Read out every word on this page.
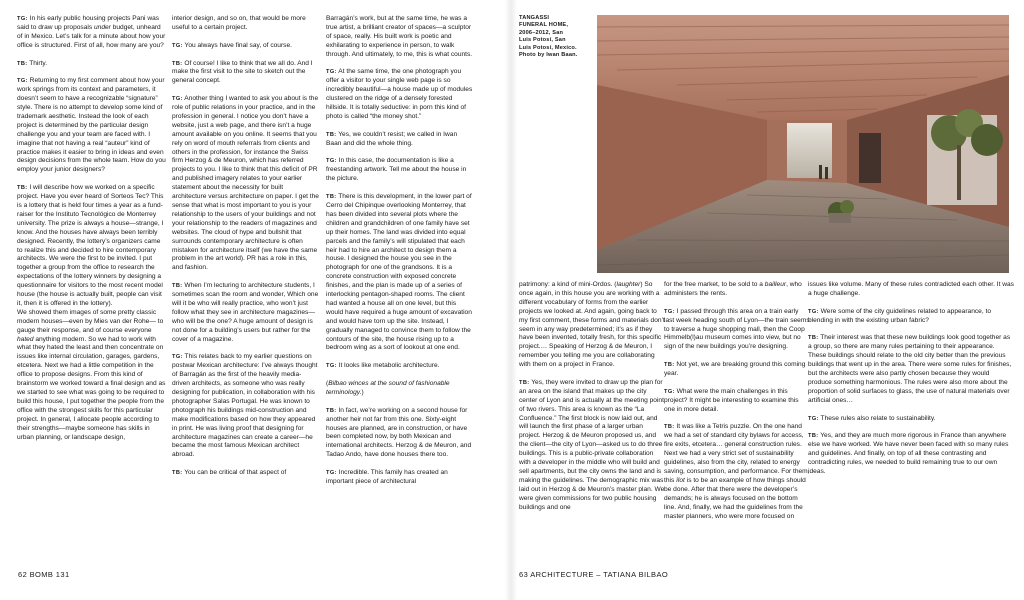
TG: In his early public housing projects Pani was said to draw up proposals under budget, unheard of in Mexico. Let’s talk for a minute about how your office is structured. First of all, how many are you?

TB: Thirty.

TG: Returning to my first comment about how your work springs from its context and parameters, it doesn’t seem to have a recognizable “signature” style. There is no attempt to develop some kind of trademark aesthetic. Instead the look of each project is determined by the particular design challenge you and your team are faced with. I imagine that not having a real “auteur” kind of practice makes it easier to bring in ideas and even design decisions from the whole team. How do you employ your junior designers?

TB: I will describe how we worked on a specific project. Have you ever heard of Sorteos Tec? This is a lottery that is held four times a year as a fund-raiser for the Instituto Tecnológico de Monterrey university. The prize is always a house—strange, I know. And the houses have always been terribly designed. Recently, the lottery’s organizers came to realize this and decided to hire contemporary architects. We were the first to be invited. I put together a group from the office to research the expectations of the lottery winners by designing a questionnaire for visitors to the most recent model house (the house is actually built, people can visit it, then it is offered in the lottery).
We showed them images of some pretty classic modern houses—even by Mies van der Rohe— to gauge their response, and of course everyone hated anything modern. So we had to work with what they hated the least and then concentrate on issues like internal circulation, garages, gardens, etcetera. Next we had a little competition in the office to propose designs. From this kind of brainstorm we worked toward a final design and as we started to see what was going to be required to build this house, I put together the people from the office with the strongest skills for this particular project. In general, I allocate people according to their strengths—maybe someone has skills in urban planning, or landscape design,

interior design, and so on, that would be more useful to a certain project.

TG: You always have final say, of course.

TB: Of course! I like to think that we all do. And I make the first visit to the site to sketch out the general concept.

TG: Another thing I wanted to ask you about is the role of public relations in your practice, and in the profession in general. I notice you don’t have a website, just a web page, and there isn’t a huge amount available on you online. It seems that you rely on word of mouth referrals from clients and others in the profession, for instance the Swiss firm Herzog & de Meuron, which has referred projects to you. I like to think that this deficit of PR and published imagery relates to your earlier statement about the necessity for built architecture versus architecture on paper. I get the sense that what is most important to you is your relationship to the users of your buildings and not your relationship to the readers of magazines and websites. The cloud of hype and bullshit that surrounds contemporary architecture is often mistaken for architecture itself (we have the same problem in the art world). PR has a role in this, and fashion.

TB: When I’m lecturing to architecture students, I sometimes scan the room and wonder, Which one will it be who will really practice, who won’t just follow what they see in architecture magazines—who will be the one? A huge amount of design is not done for a building’s users but rather for the cover of a magazine.

TG: This relates back to my earlier questions on postwar Mexican architecture: I’ve always thought of Barragán as the first of the heavily media-driven architects, as someone who was really designing for publication, in collaboration with his photographer Salas Portugal. He was known to photograph his buildings mid-construction and make modifications based on how they appeared in print. He was living proof that designing for architecture magazines can create a career—he became the most famous Mexican architect abroad.

TB: You can be critical of that aspect of

Barragán’s work, but at the same time, he was a true artist, a brilliant creator of spaces—a sculptor of space, really. His built work is poetic and exhilarating to experience in person, to walk through. And ultimately, to me, this is what counts.

TG: At the same time, the one photograph you offer a visitor to your single web page is so incredibly beautiful—a house made up of modules clustered on the ridge of a densely forested hillside. It is totally seductive: in porn this kind of photo is called “the money shot.”

TB: Yes, we couldn’t resist; we called in Iwan Baan and did the whole thing.

TG: In this case, the documentation is like a freestanding artwork. Tell me about the house in the picture.

TB: There is this development, in the lower part of Cerro del Chipinque overlooking Monterrey, that has been divided into several plots where the children and grandchildren of one family have set up their homes. The land was divided into equal parcels and the family’s will stipulated that each heir had to hire an architect to design them a house. I designed the house you see in the photograph for one of the grandsons. It is a concrete construction with exposed concrete finishes, and the plan is made up of a series of interlocking pentagon-shaped rooms. The client had wanted a house all on one level, but this would have required a huge amount of excavation and would have torn up the site. Instead, I gradually managed to convince them to follow the contours of the site, the house rising up to a bedroom wing as a sort of lookout at one end.

TG: It looks like metabolic architecture.

(Bilbao winces at the sound of fashionable terminology.)

TB: In fact, we’re working on a second house for another heir not far from this one. Sixty-eight houses are planned, are in construction, or have been completed now, by both Mexican and international architects. Herzog & de Meuron, and Tadao Ando, have done houses there too.

TG: Incredible. This family has created an important piece of architectural

62 BOMB 131
TANGASSI
FUNERAL HOME,
2006–2012, San
Luis Potosí, San
Luis Potosí, Mexico.
Photo by Iwan Baan.

patrimony: a kind of mini-Ordos. (laughter) So once again, in this house you are working with a different vocabulary of forms from the earlier projects we looked at. And again, going back to my first comment, these forms and materials don’t seem in any way predetermined; it’s as if they have been invented, totally fresh, for this specific project.… Speaking of Herzog & de Meuron, I remember you telling me you are collaborating with them on a project in France.

TB: Yes, they were invited to draw up the plan for an area on the island that makes up the city center of Lyon and is actually at the meeting point of two rivers. This area is known as the “La Confluence.” The first block is now laid out, and will launch the first phase of a larger urban project. Herzog & de Meuron proposed us, and the client—the city of Lyon—asked us to do three buildings. This is a public-private collaboration with a developer in the middle who will build and sell apartments, but the city owns the land and is making the guidelines. The demographic mix was laid out in Herzog & de Meuron’s master plan. We were given commissions for two public housing buildings and one

for the free market, to be sold to a bailleur, who administers the rents.

TG: I passed through this area on a train early last week heading south of Lyon—the train seems to traverse a huge shopping mall, then the Coop Himmelb(l)au museum comes into view, but no sign of the new buildings you’re designing.

TB: Not yet, we are breaking ground this coming year.

TG: What were the main challenges in this project? It might be interesting to examine this one in more detail.

TB: It was like a Tetris puzzle. On the one hand we had a set of standard city bylaws for access, fire exits, etcetera… general construction rules. Next we had a very strict set of sustainability guidelines, also from the city, related to energy saving, consumption, and performance. For them, this îlot is to be an example of how things should be done. After that there were the developer’s demands; he is always focused on the bottom line. And, finally, we had the guidelines from the master planners, who were more focused on

issues like volume. Many of these rules contradicted each other. It was a huge challenge.

TG: Were some of the city guidelines related to appearance, to blending in with the existing urban fabric?

TB: Their interest was that these new buildings look good together as a group, so there are many rules pertaining to their appearance. These buildings should relate to the old city better than the previous buildings that went up in the area. There were some rules for finishes, but the architects were also partly chosen because they would produce something harmonious. The rules were also more about the proportion of solid surfaces to glass, the use of natural materials over artificial ones…

TG: These rules also relate to sustainability.

TB: Yes, and they are much more rigorous in France than anywhere else we have worked. We have never been faced with so many rules and guidelines. And finally, on top of all these contrasting and contradicting rules, we needed to build remaining true to our own ideas.

63 ARCHITECTURE – TATIANA BILBAO
